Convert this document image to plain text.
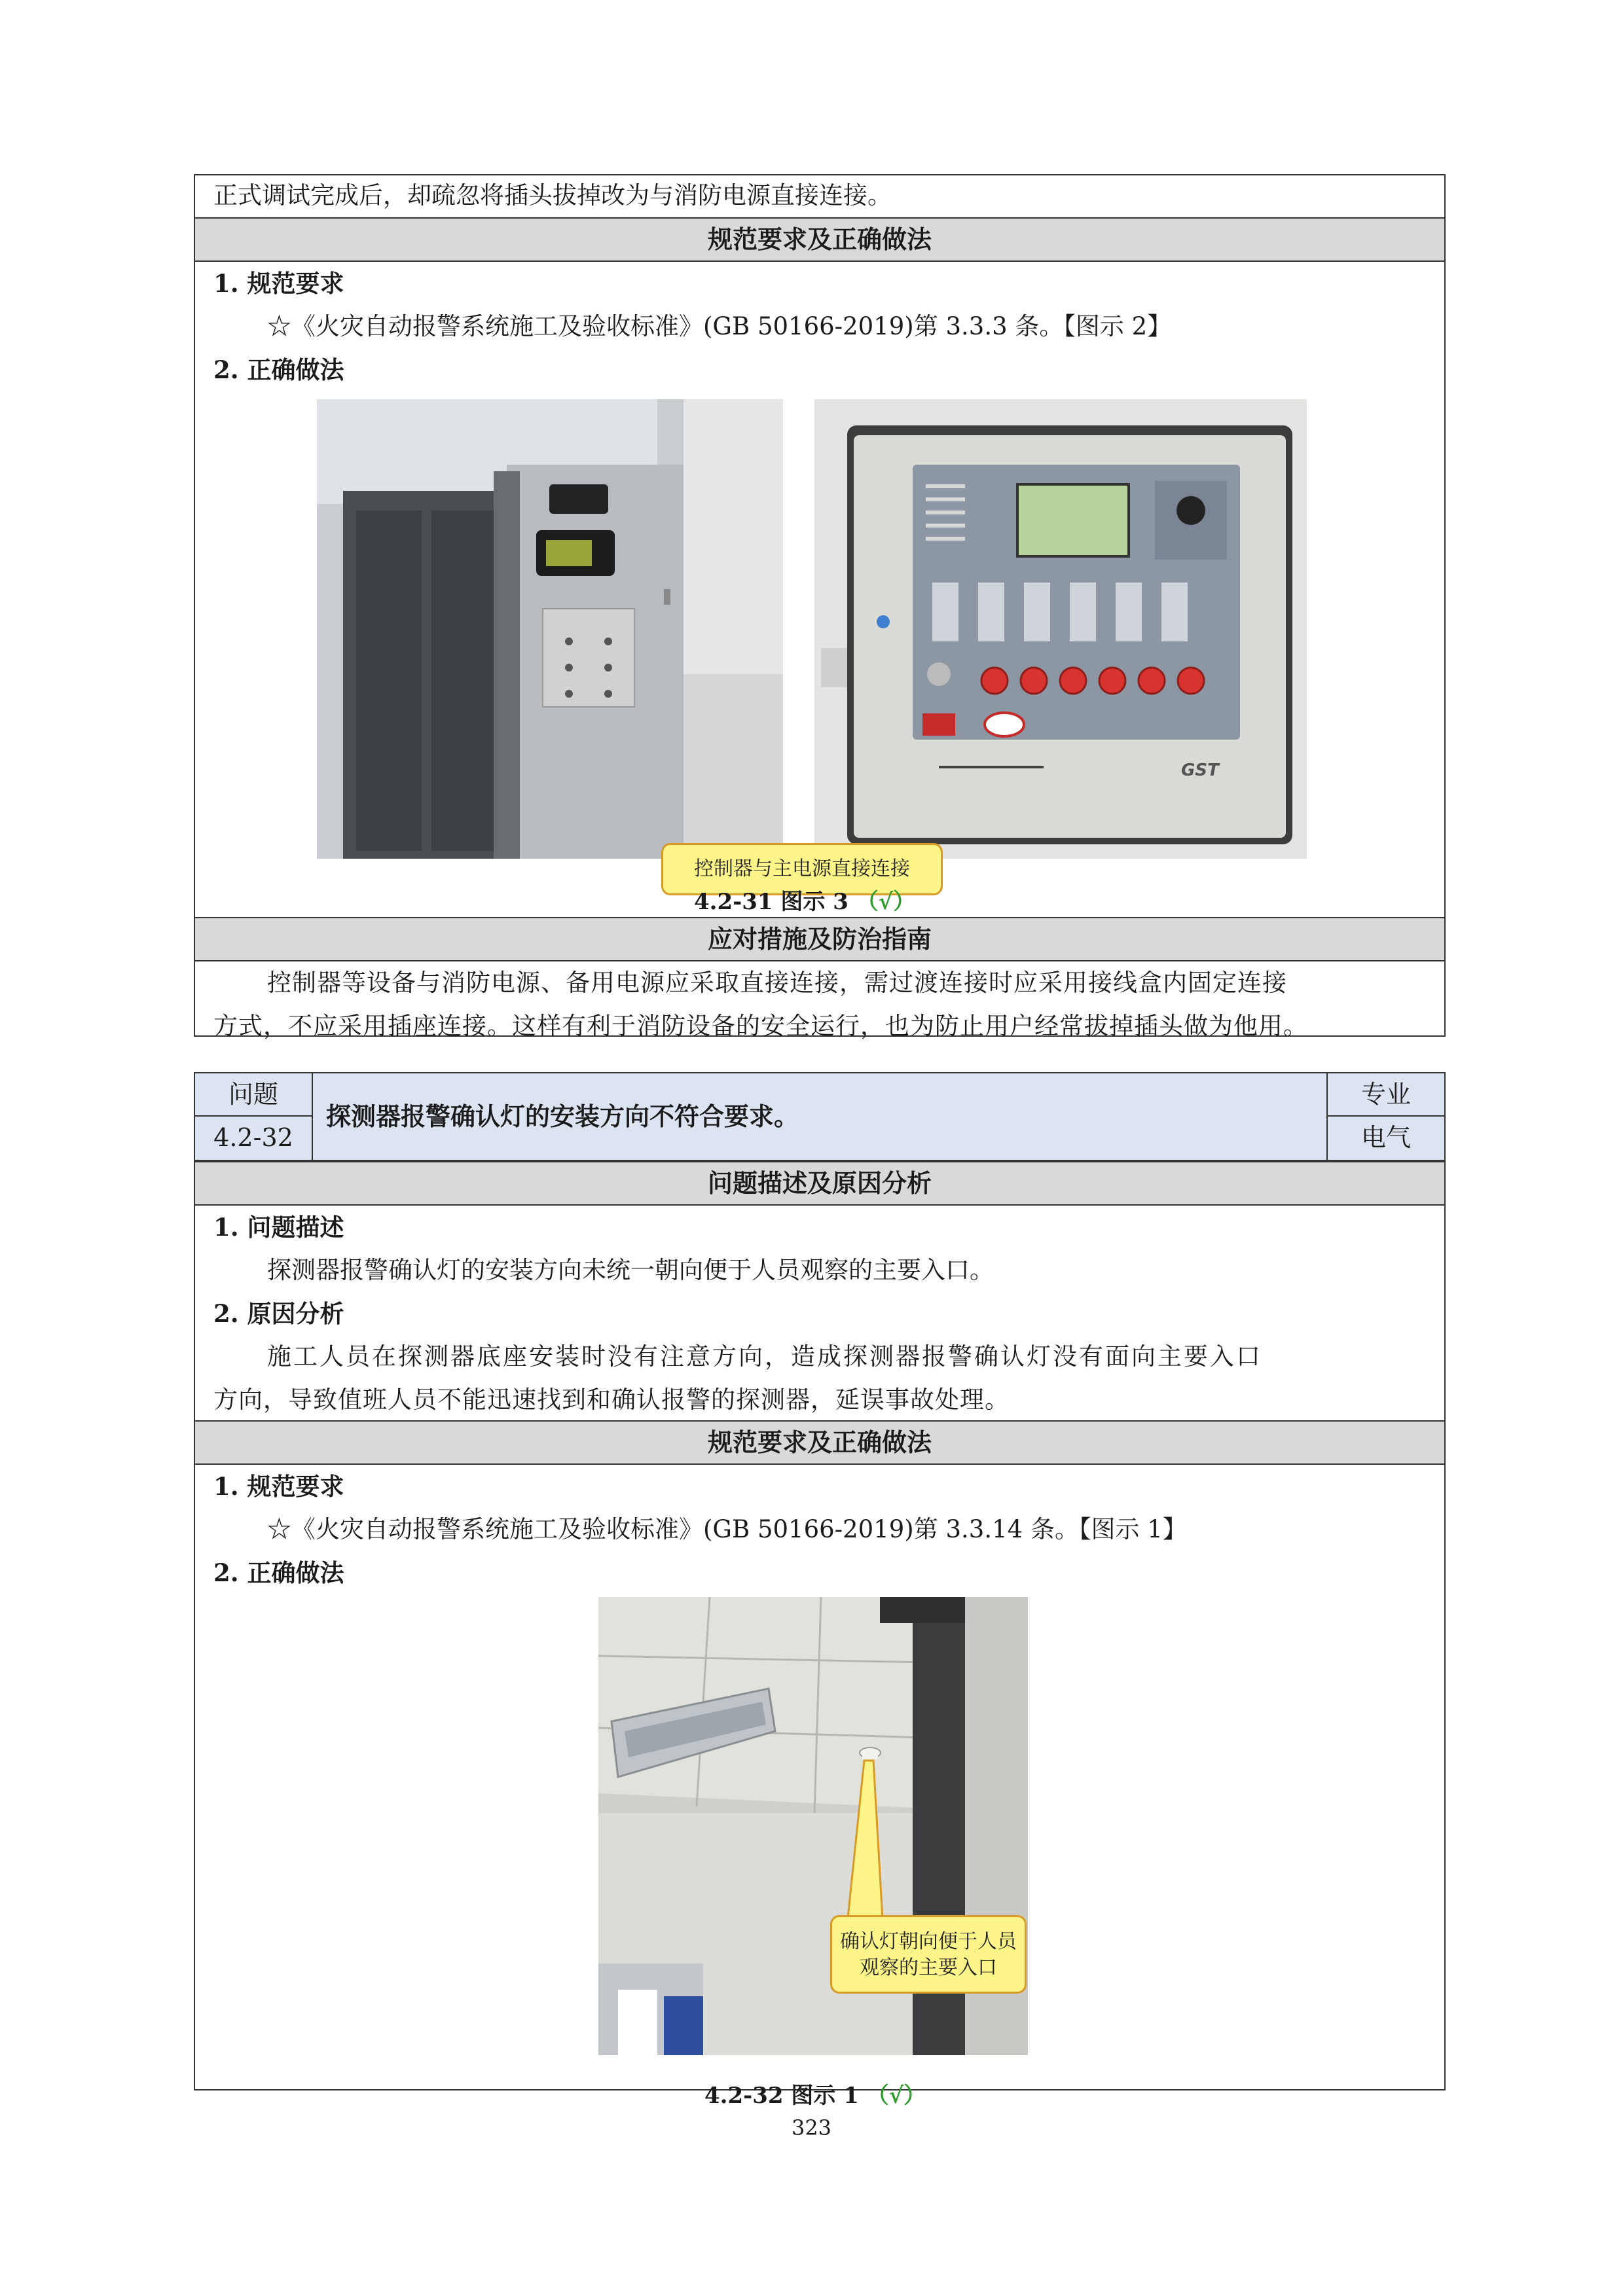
正式调试完成后，却疏忽将插头拔掉改为与消防电源直接连接。
规范要求及正确做法
1. 规范要求
☆《火灾自动报警系统施工及验收标准》(GB 50166-2019)第 3.3.3 条。【图示 2】
2. 正确做法
GST
控制器与主电源直接连接
4.2-31 图示 3 （√）
应对措施及防治指南
控制器等设备与消防电源、备用电源应采取直接连接，需过渡连接时应采用接线盒内固定连接
方式，不应采用插座连接。这样有利于消防设备的安全运行，也为防止用户经常拔掉插头做为他用。
问题
4.2-32
探测器报警确认灯的安装方向不符合要求。
专业
电气
问题描述及原因分析
1. 问题描述
探测器报警确认灯的安装方向未统一朝向便于人员观察的主要入口。
2. 原因分析
施工人员在探测器底座安装时没有注意方向，造成探测器报警确认灯没有面向主要入口
方向，导致值班人员不能迅速找到和确认报警的探测器，延误事故处理。
规范要求及正确做法
1. 规范要求
☆《火灾自动报警系统施工及验收标准》(GB 50166-2019)第 3.3.14 条。【图示 1】
2. 正确做法
确认灯朝向便于人员观察的主要入口
4.2-32 图示 1 （√）
323
